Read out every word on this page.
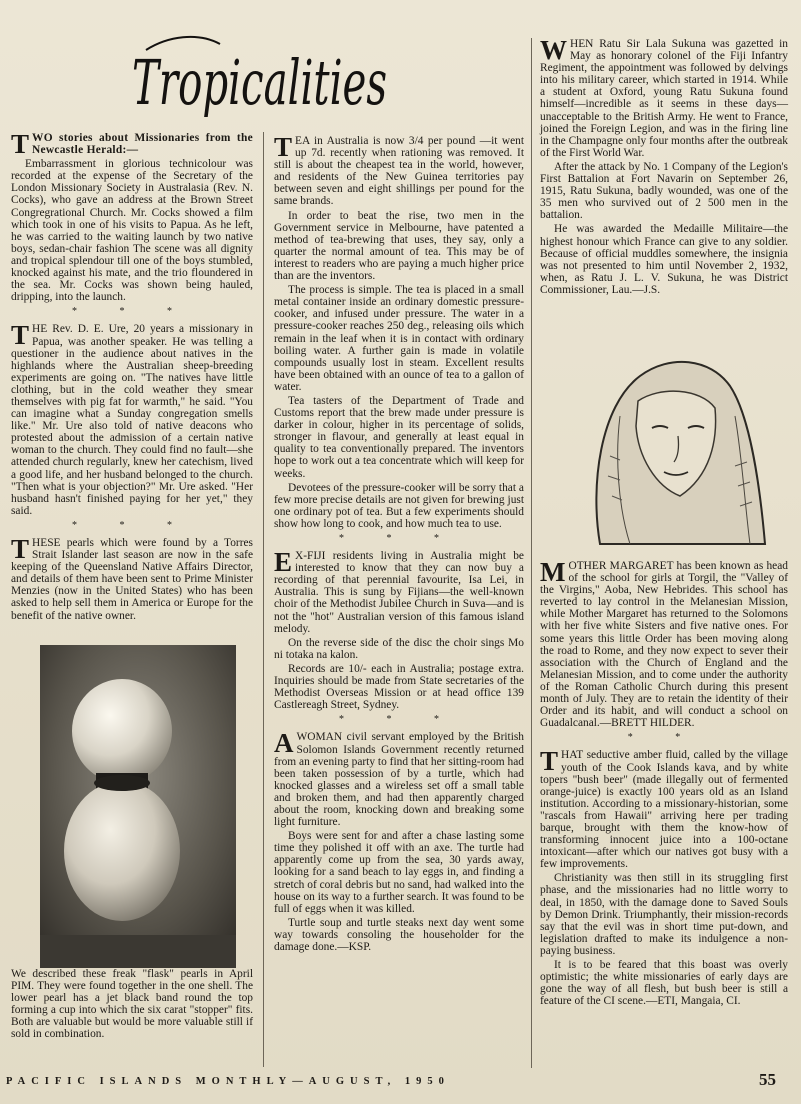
Tropicalities

TWO stories about Missionaries from the Newcastle Herald:—

Embarrassment in glorious technicolour was recorded at the expense of the Secretary of the London Missionary Society in Australasia (Rev. N. Cocks), who gave an address at the Brown Street Congregrational Church. Mr. Cocks showed a film which took in one of his visits to Papua. As he left, he was carried to the waiting launch by two native boys, sedan-chair fashion The scene was all dignity and tropical splendour till one of the boys stumbled, knocked against his mate, and the trio floundered in the sea. Mr. Cocks was shown being hauled, dripping, into the launch.

* * *

THE Rev. D. E. Ure, 20 years a missionary in Papua, was another speaker. He was telling a questioner in the audience about natives in the highlands where the Australian sheep-breeding experiments are going on. "The natives have little clothing, but in the cold weather they smear themselves with pig fat for warmth," he said. "You can imagine what a Sunday congregation smells like." Mr. Ure also told of native deacons who protested about the admission of a certain native woman to the church. They could find no fault—she attended church regularly, knew her catechism, lived a good life, and her husband belonged to the church. "Then what is your objection?" Mr. Ure asked. "Her husband hasn't finished paying for her yet," they said.

* * *

THESE pearls which were found by a Torres Strait Islander last season are now in the safe keeping of the Queensland Native Affairs Director, and details of them have been sent to Prime Minister Menzies (now in the United States) who has been asked to help sell them in America or Europe for the benefit of the native owner.

We described these freak "flask" pearls in April PIM. They were found together in the one shell. The lower pearl has a jet black band round the top forming a cup into which the six carat "stopper" fits. Both are valuable but would be more valuable still if sold in combination.

TEA in Australia is now 3/4 per pound —it went up 7d. recently when rationing was removed. It still is about the cheapest tea in the world, however, and residents of the New Guinea territories pay between seven and eight shillings per pound for the same brands.

In order to beat the rise, two men in the Government service in Melbourne, have patented a method of tea-brewing that uses, they say, only a quarter the normal amount of tea. This may be of interest to readers who are paying a much higher price than are the inventors.

The process is simple. The tea is placed in a small metal container inside an ordinary domestic pressure-cooker, and infused under pressure. The water in a pressure-cooker reaches 250 deg., releasing oils which remain in the leaf when it is in contact with ordinary boiling water. A further gain is made in volatile compounds usually lost in steam. Excellent results have been obtained with an ounce of tea to a gallon of water.

Tea tasters of the Department of Trade and Customs report that the brew made under pressure is darker in colour, higher in its percentage of solids, stronger in flavour, and generally at least equal in quality to tea conventionally prepared. The inventors hope to work out a tea concentrate which will keep for weeks.

Devotees of the pressure-cooker will be sorry that a few more precise details are not given for brewing just one ordinary pot of tea. But a few experiments should show how long to cook, and how much tea to use.

* * *

E X-FIJI residents living in Australia might be interested to know that they can now buy a recording of that perennial favourite, Isa Lei, in Australia. This is sung by Fijians—the well-known choir of the Methodist Jubilee Church in Suva—and is not the "hot" Australian version of this famous island melody.

On the reverse side of the disc the choir sings Mo ni totaka na kalon.

Records are 10/- each in Australia; postage extra. Inquiries should be made from State secretaries of the Methodist Overseas Mission or at head office 139 Castlereagh Street, Sydney.

* * *

AWOMAN civil servant employed by the British Solomon Islands Government recently returned from an evening party to find that her sitting-room had been taken possession of by a turtle, which had knocked glasses and a wireless set off a small table and broken them, and had then apparently charged about the room, knocking down and breaking some light furniture.

Boys were sent for and after a chase lasting some time they polished it off with an axe. The turtle had apparently come up from the sea, 30 yards away, looking for a sand beach to lay eggs in, and finding a stretch of coral debris but no sand, had walked into the house on its way to a further search. It was found to be full of eggs when it was killed.

Turtle soup and turtle steaks next day went some way towards consoling the householder for the damage done.—KSP.

WHEN Ratu Sir Lala Sukuna was gazetted in May as honorary colonel of the Fiji Infantry Regiment, the appointment was followed by delvings into his military career, which started in 1914. While a student at Oxford, young Ratu Sukuna found himself—incredible as it seems in these days—unacceptable to the British Army. He went to France, joined the Foreign Legion, and was in the firing line in the Champagne only four months after the outbreak of the First World War.

After the attack by No. 1 Company of the Legion's First Battalion at Fort Navarin on September 26, 1915, Ratu Sukuna, badly wounded, was one of the 35 men who survived out of 2 500 men in the battalion.

He was awarded the Medaille Militaire—the highest honour which France can give to any soldier. Because of official muddles somewhere, the insignia was not presented to him until November 2, 1932, when, as Ratu J. L. V. Sukuna, he was District Commissioner, Lau.—J.S.

MOTHER MARGARET has been known as head of the school for girls at Torgil, the "Valley of the Virgins," Aoba, New Hebrides. This school has reverted to lay control in the Melanesian Mission, while Mother Margaret has returned to the Solomons with her five white Sisters and five native ones. For some years this little Order has been moving along the road to Rome, and they now expect to sever their association with the Church of England and the Melanesian Mission, and to come under the authority of the Roman Catholic Church during this present month of July. They are to retain the identity of their Order and its habit, and will conduct a school on Guadalcanal.—BRETT HILDER.

* *

THAT seductive amber fluid, called by the village youth of the Cook Islands kava, and by white topers "bush beer" (made illegally out of fermented orange-juice) is exactly 100 years old as an Island institution. According to a missionary-historian, some "rascals from Hawaii" arriving here per trading barque, brought with them the know-how of transforming innocent juice into a 100-octane intoxicant—after which our natives got busy with a few improvements.

Christianity was then still in its struggling first phase, and the missionaries had no little worry to deal, in 1850, with the damage done to Saved Souls by Demon Drink. Triumphantly, their mission-records say that the evil was in short time put-down, and legislation drafted to make its indulgence a non-paying business.

It is to be feared that this boast was overly optimistic; the white missionaries of early days are gone the way of all flesh, but bush beer is still a feature of the CI scene.—ETI, Mangaia, CI.

PACIFIC ISLANDS MONTHLY—AUGUST, 1950	55
